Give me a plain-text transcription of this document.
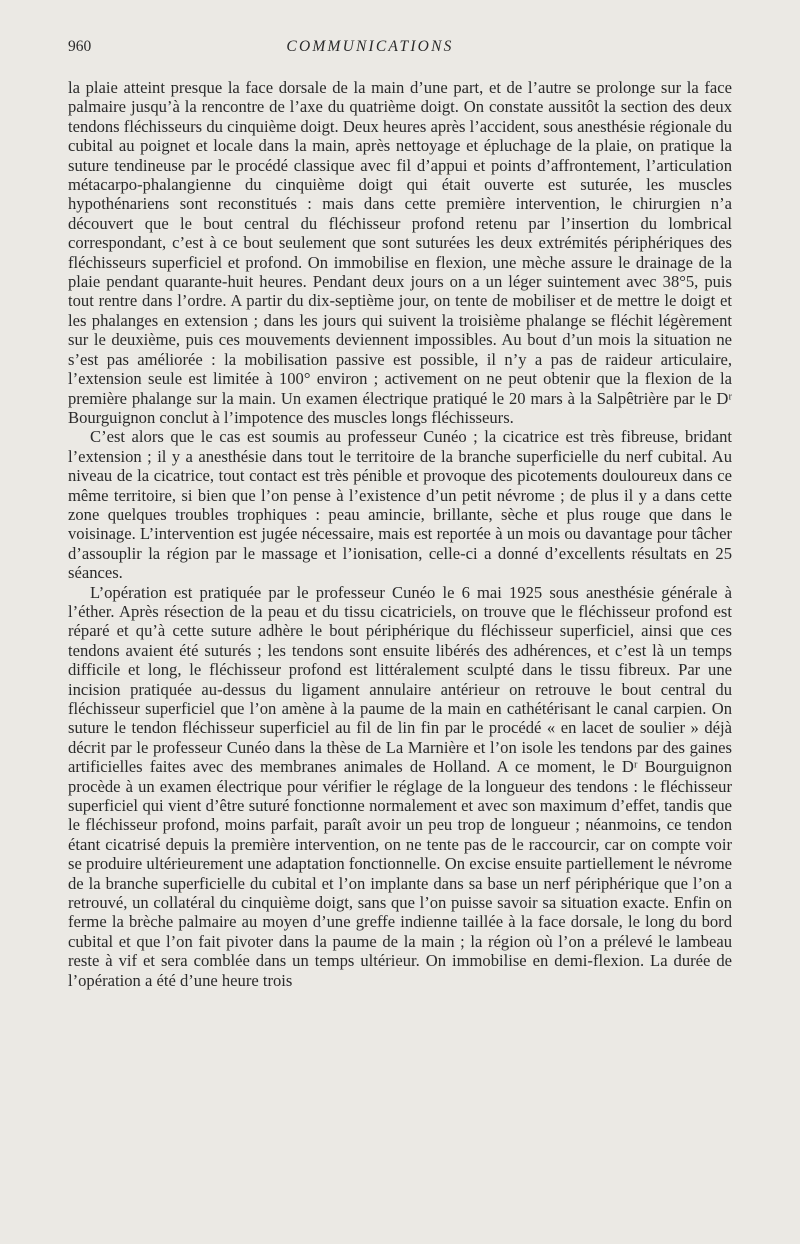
960	COMMUNICATIONS

la plaie atteint presque la face dorsale de la main d’une part, et de l’autre se prolonge sur la face palmaire jusqu’à la rencontre de l’axe du quatrième doigt. On constate aussitôt la section des deux tendons fléchisseurs du cinquième doigt. Deux heures après l’accident, sous anesthésie régionale du cubital au poignet et locale dans la main, après nettoyage et épluchage de la plaie, on pratique la suture tendineuse par le procédé classique avec fil d’appui et points d’affrontement, l’articulation métacarpo-phalangienne du cinquième doigt qui était ouverte est suturée, les muscles hypothénariens sont reconstitués : mais dans cette première intervention, le chirurgien n’a découvert que le bout central du fléchisseur profond retenu par l’insertion du lombrical correspondant, c’est à ce bout seulement que sont suturées les deux extrémités périphériques des fléchisseurs superficiel et profond. On immobilise en flexion, une mèche assure le drainage de la plaie pendant quarante-huit heures. Pendant deux jours on a un léger suintement avec 38°5, puis tout rentre dans l’ordre. A partir du dix-septième jour, on tente de mobiliser et de mettre le doigt et les phalanges en extension ; dans les jours qui suivent la troisième phalange se fléchit légèrement sur le deuxième, puis ces mouvements deviennent impossibles. Au bout d’un mois la situation ne s’est pas améliorée : la mobilisation passive est possible, il n’y a pas de raideur articulaire, l’extension seule est limitée à 100° environ ; activement on ne peut obtenir que la flexion de la première phalange sur la main. Un examen électrique pratiqué le 20 mars à la Salpêtrière par le Dʳ Bourguignon conclut à l’impotence des muscles longs fléchisseurs.

C’est alors que le cas est soumis au professeur Cunéo ; la cicatrice est très fibreuse, bridant l’extension ; il y a anesthésie dans tout le territoire de la branche superficielle du nerf cubital. Au niveau de la cicatrice, tout contact est très pénible et provoque des picotements douloureux dans ce même territoire, si bien que l’on pense à l’existence d’un petit névrome ; de plus il y a dans cette zone quelques troubles trophiques : peau amincie, brillante, sèche et plus rouge que dans le voisinage. L’intervention est jugée nécessaire, mais est reportée à un mois ou davantage pour tâcher d’assouplir la région par le massage et l’ionisation, celle-ci a donné d’excellents résultats en 25 séances.

L’opération est pratiquée par le professeur Cunéo le 6 mai 1925 sous anesthésie générale à l’éther. Après résection de la peau et du tissu cicatriciels, on trouve que le fléchisseur profond est réparé et qu’à cette suture adhère le bout périphérique du fléchisseur superficiel, ainsi que ces tendons avaient été suturés ; les tendons sont ensuite libérés des adhérences, et c’est là un temps difficile et long, le fléchisseur profond est littéralement sculpté dans le tissu fibreux. Par une incision pratiquée au-dessus du ligament annulaire antérieur on retrouve le bout central du fléchisseur superficiel que l’on amène à la paume de la main en cathétérisant le canal carpien. On suture le tendon fléchisseur superficiel au fil de lin fin par le procédé « en lacet de soulier » déjà décrit par le professeur Cunéo dans la thèse de La Marnière et l’on isole les tendons par des gaines artificielles faites avec des membranes animales de Holland. A ce moment, le Dʳ Bourguignon procède à un examen électrique pour vérifier le réglage de la longueur des tendons : le fléchisseur superficiel qui vient d’être suturé fonctionne normalement et avec son maximum d’effet, tandis que le fléchisseur profond, moins parfait, paraît avoir un peu trop de longueur ; néanmoins, ce tendon étant cicatrisé depuis la première intervention, on ne tente pas de le raccourcir, car on compte voir se produire ultérieurement une adaptation fonctionnelle. On excise ensuite partiellement le névrome de la branche superficielle du cubital et l’on implante dans sa base un nerf périphérique que l’on a retrouvé, un collatéral du cinquième doigt, sans que l’on puisse savoir sa situation exacte. Enfin on ferme la brèche palmaire au moyen d’une greffe indienne taillée à la face dorsale, le long du bord cubital et que l’on fait pivoter dans la paume de la main ; la région où l’on a prélevé le lambeau reste à vif et sera comblée dans un temps ultérieur. On immobilise en demi-flexion. La durée de l’opération a été d’une heure trois
